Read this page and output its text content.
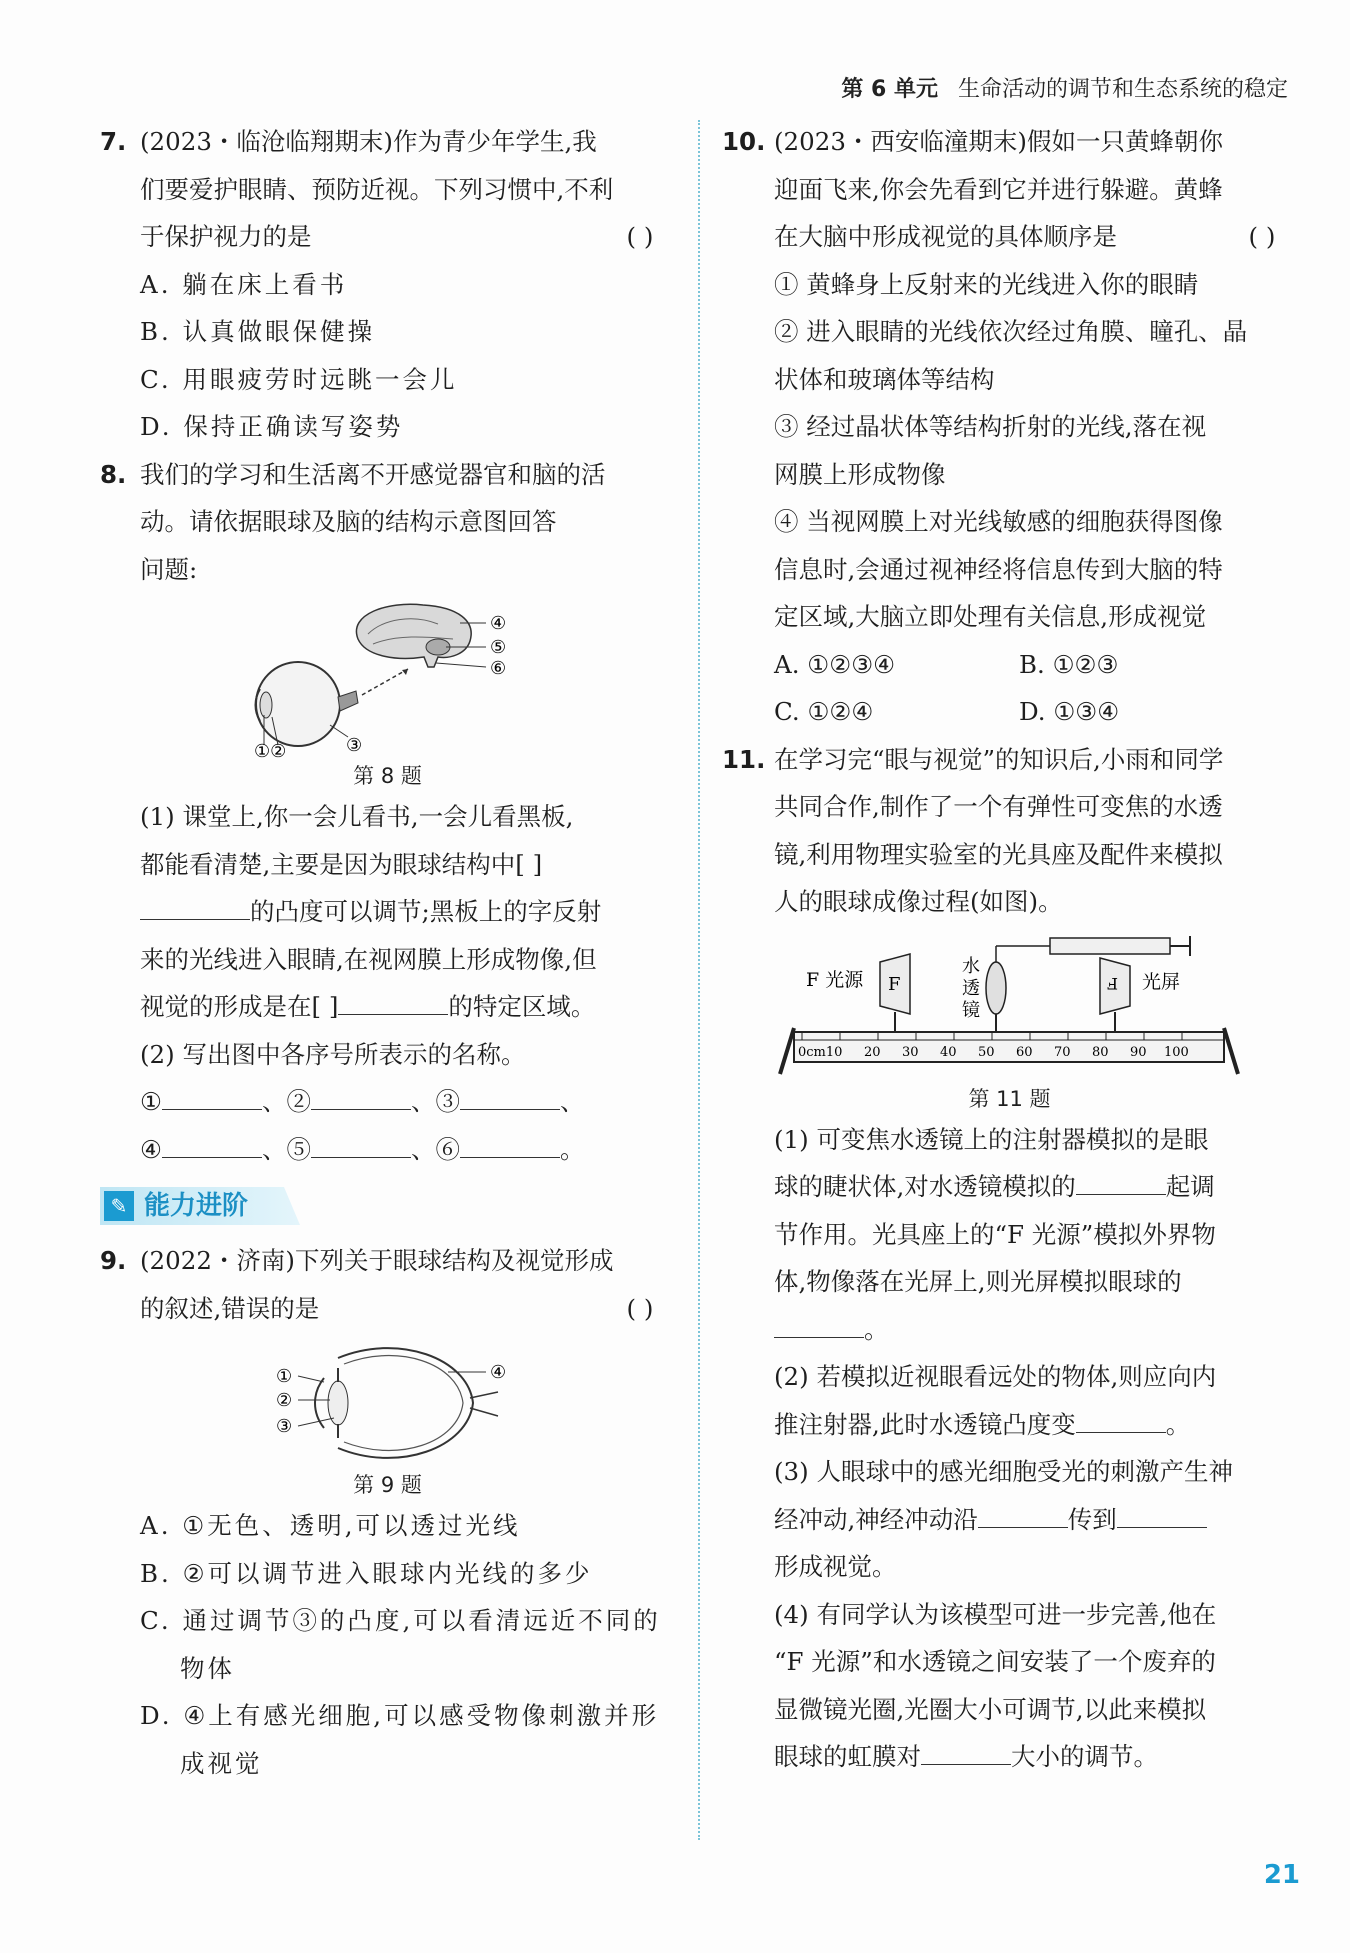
第 6 单元 生命活动的调节和生态系统的稳定
7. (2023・临沧临翔期末)作为青少年学生,我
们要爱护眼睛、预防近视。下列习惯中,不利
于保护视力的是	( )
A. 躺在床上看书
B. 认真做眼保健操
C. 用眼疲劳时远眺一会儿
D. 保持正确读写姿势
8. 我们的学习和生活离不开感觉器官和脑的活
动。请依据眼球及脑的结构示意图回答
问题:
④
⑤
⑥
①②	③
第 8 题
(1) 课堂上,你一会儿看书,一会儿看黑板,
都能看清楚,主要是因为眼球结构中[ ]
的凸度可以调节;黑板上的字反射
来的光线进入眼睛,在视网膜上形成物像,但
视觉的形成是在[ ]	的特定区域。
(2) 写出图中各序号所表示的名称。
①	、②	、③	、
④	、⑤	、⑥	。
✎ 能力进阶
9. (2022・济南)下列关于眼球结构及视觉形成
的叙述,错误的是	( )
①
②
③
④
第 9 题
A. ①无色、透明,可以透过光线
B. ②可以调节进入眼球内光线的多少
C. 通过调节③的凸度,可以看清远近不同的
物体
D. ④上有感光细胞,可以感受物像刺激并形
成视觉
10. (2023・西安临潼期末)假如一只黄蜂朝你
迎面飞来,你会先看到它并进行躲避。黄蜂
在大脑中形成视觉的具体顺序是	( )
① 黄蜂身上反射来的光线进入你的眼睛
② 进入眼睛的光线依次经过角膜、瞳孔、晶
状体和玻璃体等结构
③ 经过晶状体等结构折射的光线,落在视
网膜上形成物像
④ 当视网膜上对光线敏感的细胞获得图像
信息时,会通过视神经将信息传到大脑的特
定区域,大脑立即处理有关信息,形成视觉
A. ①②③④	B. ①②③
C. ①②④	D. ①③④
11. 在学习完“眼与视觉”的知识后,小雨和同学
共同合作,制作了一个有弹性可变焦的水透
镜,利用物理实验室的光具座及配件来模拟
人的眼球成像过程(如图)。
0cm10 20 30 40 50 60 70 80 90 100
F
F 光源
水
透
镜
F 光屏
第 11 题
(1) 可变焦水透镜上的注射器模拟的是眼
球的睫状体,对水透镜模拟的	起调
节作用。光具座上的“F 光源”模拟外界物
体,物像落在光屏上,则光屏模拟眼球的
。
(2) 若模拟近视眼看远处的物体,则应向内
推注射器,此时水透镜凸度变	。
(3) 人眼球中的感光细胞受光的刺激产生神
经冲动,神经冲动沿	传到
形成视觉。
(4) 有同学认为该模型可进一步完善,他在
“F 光源”和水透镜之间安装了一个废弃的
显微镜光圈,光圈大小可调节,以此来模拟
眼球的虹膜对	大小的调节。
21
